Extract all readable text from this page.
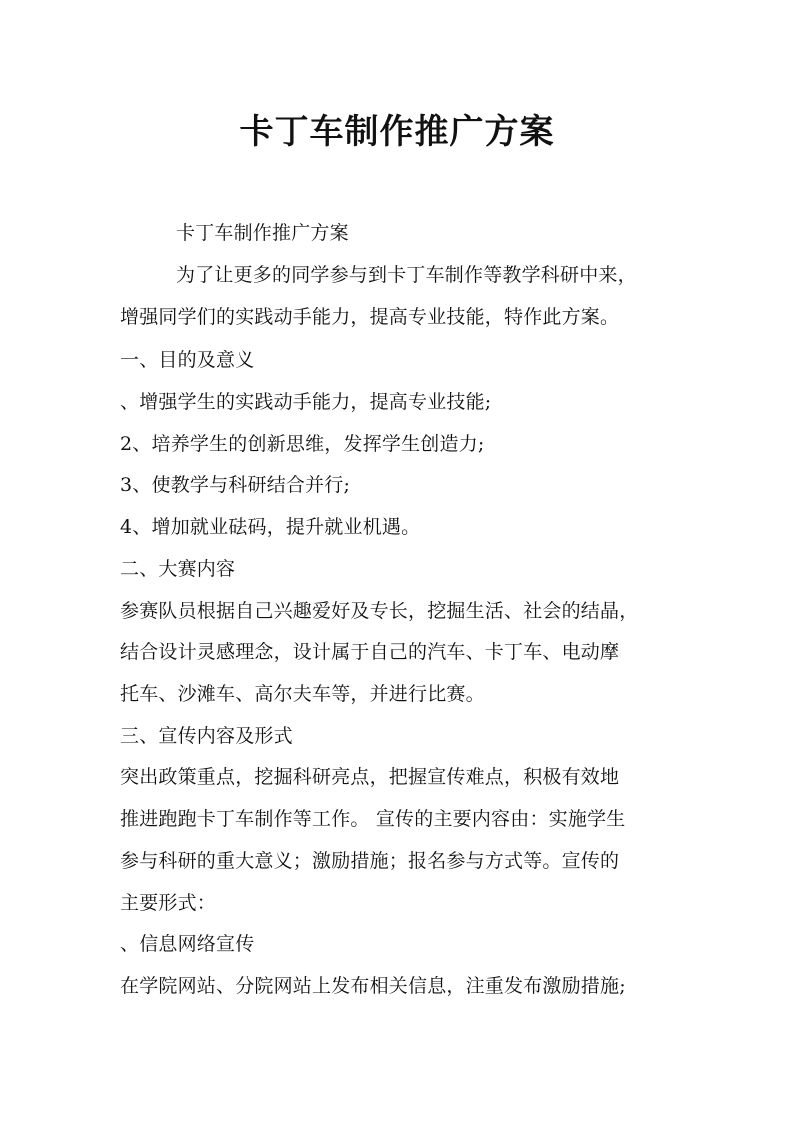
卡丁车制作推广方案
卡丁车制作推广方案
为了让更多的同学参与到卡丁车制作等教学科研中来，
增强同学们的实践动手能力，提高专业技能，特作此方案。
一、目的及意义
、增强学生的实践动手能力，提高专业技能;
2、培养学生的创新思维，发挥学生创造力;
3、使教学与科研结合并行;
4、增加就业砝码，提升就业机遇。
二、大赛内容
参赛队员根据自己兴趣爱好及专长，挖掘生活、社会的结晶，
结合设计灵感理念，设计属于自己的汽车、卡丁车、电动摩
托车、沙滩车、高尔夫车等，并进行比赛。
三、宣传内容及形式
突出政策重点，挖掘科研亮点，把握宣传难点，积极有效地
推进跑跑卡丁车制作等工作。 宣传的主要内容由：实施学生
参与科研的重大意义；激励措施；报名参与方式等。宣传的
主要形式：
、信息网络宣传
在学院网站、分院网站上发布相关信息，注重发布激励措施;
